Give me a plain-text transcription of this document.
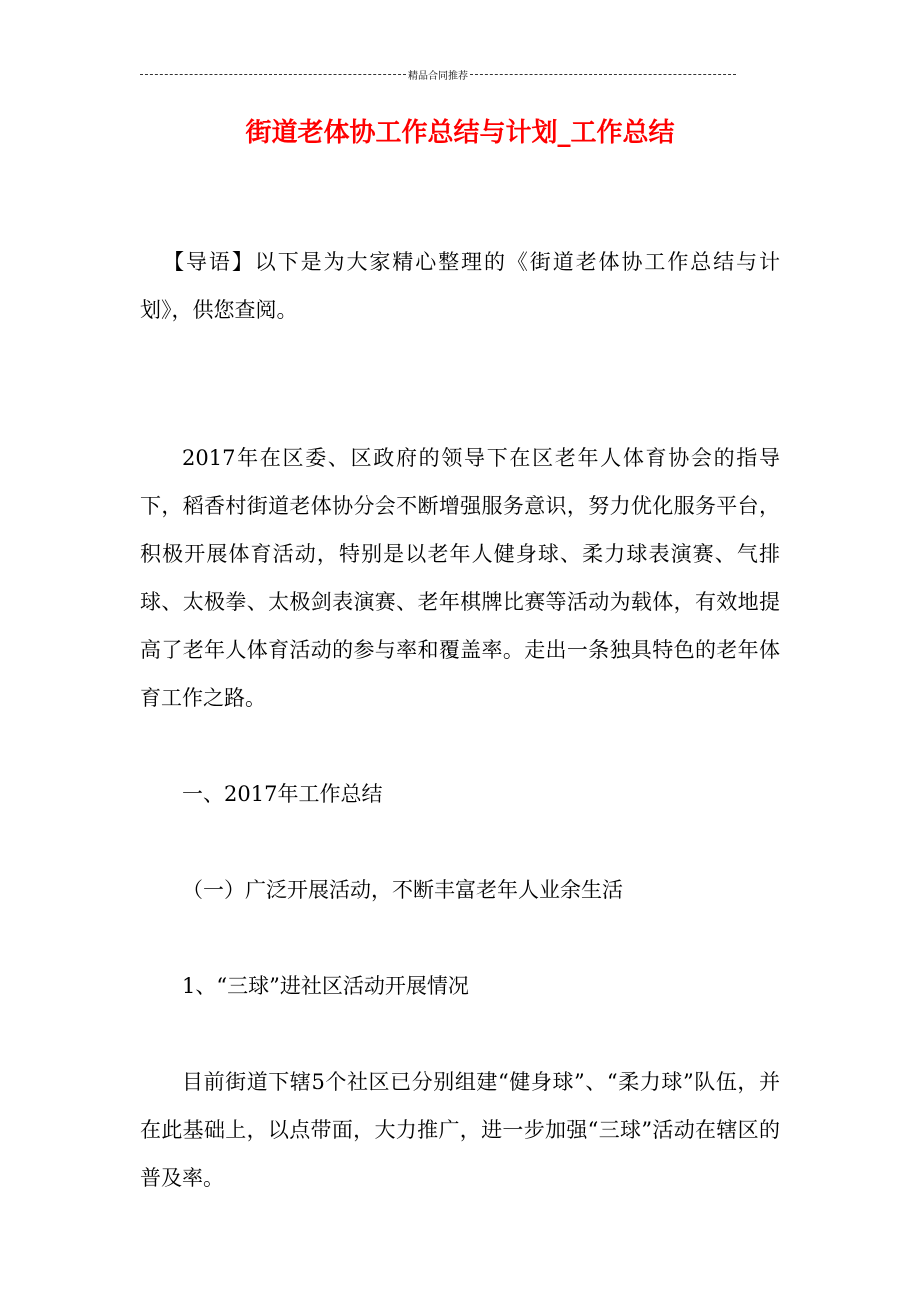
精品合同推荐
街道老体协工作总结与计划_工作总结

【导语】以下是为大家精心整理的《街道老体协工作总结与计划》，供您查阅。

2017年在区委、区政府的领导下在区老年人体育协会的指导下，稻香村街道老体协分会不断增强服务意识，努力优化服务平台，积极开展体育活动，特别是以老年人健身球、柔力球表演赛、气排球、太极拳、太极剑表演赛、老年棋牌比赛等活动为载体，有效地提高了老年人体育活动的参与率和覆盖率。走出一条独具特色的老年体育工作之路。

一、2017年工作总结

（一）广泛开展活动，不断丰富老年人业余生活

1、“三球”进社区活动开展情况

目前街道下辖5个社区已分别组建“健身球”、“柔力球”队伍，并在此基础上，以点带面，大力推广，进一步加强“三球”活动在辖区的普及率。
